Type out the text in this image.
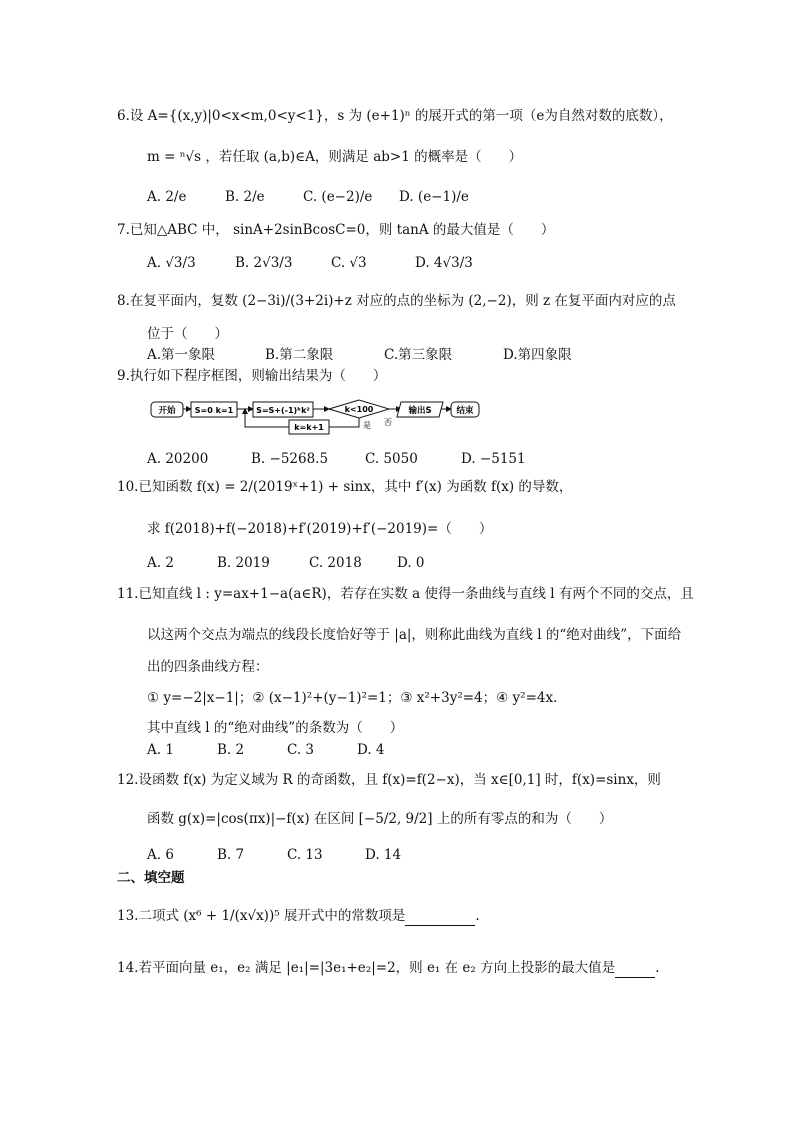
6.设 A={(x,y)|0<x<m,0<y<1}，s 为 (e+1)ⁿ 的展开式的第一项（e为自然对数的底数），
m = ⁿ√s ，若任取 (a,b)∈A，则满足 ab>1 的概率是（　　）
A. 2/e	B. 2/e	C. (e−2)/e D. (e−1)/e
7.已知△ABC 中， sinA+2sinBcosC=0，则 tanA 的最大值是（　　）
A. √3/3	B. 2√3/3	C. √3	D. 4√3/3
8.在复平面内，复数 (2−3i)/(3+2i)+z 对应的点的坐标为 (2,−2)，则 z 在复平面内对应的点
位于（　　）
A.第一象限	B.第二象限	C.第三象限	D.第四象限
9.执行如下程序框图，则输出结果为（　　）
开始 S=0 k=1	S=S+(-1)ᵏk²	k<100
否
输出S	结束
是
k=k+1
A. 20200	B. −5268.5	C. 5050	D. −5151
10.已知函数 f(x) = 2/(2019ˣ+1) + sinx，其中 f′(x) 为函数 f(x) 的导数，
求 f(2018)+f(−2018)+f′(2019)+f′(−2019)=（　　）
A. 2	B. 2019	C. 2018	D. 0
11.已知直线 l : y=ax+1−a(a∈R)，若存在实数 a 使得一条曲线与直线 l 有两个不同的交点，且
以这两个交点为端点的线段长度恰好等于 |a|，则称此曲线为直线 l 的“绝对曲线”，下面给
出的四条曲线方程：
① y=−2|x−1|；② (x−1)²+(y−1)²=1；③ x²+3y²=4；④ y²=4x．
其中直线 l 的“绝对曲线”的条数为（　　）
A. 1	B. 2	C. 3	D. 4
12.设函数 f(x) 为定义域为 R 的奇函数，且 f(x)=f(2−x)，当 x∈[0,1] 时，f(x)=sinx，则
函数 g(x)=|cos(πx)|−f(x) 在区间 [−5/2, 9/2] 上的所有零点的和为（　　）
A. 6	B. 7	C. 13	D. 14
二、填空题
13.二项式 (x⁶ + 1/(x√x))⁵ 展开式中的常数项是	.
14.若平面向量 e₁，e₂ 满足 |e₁|=|3e₁+e₂|=2，则 e₁ 在 e₂ 方向上投影的最大值是	.
